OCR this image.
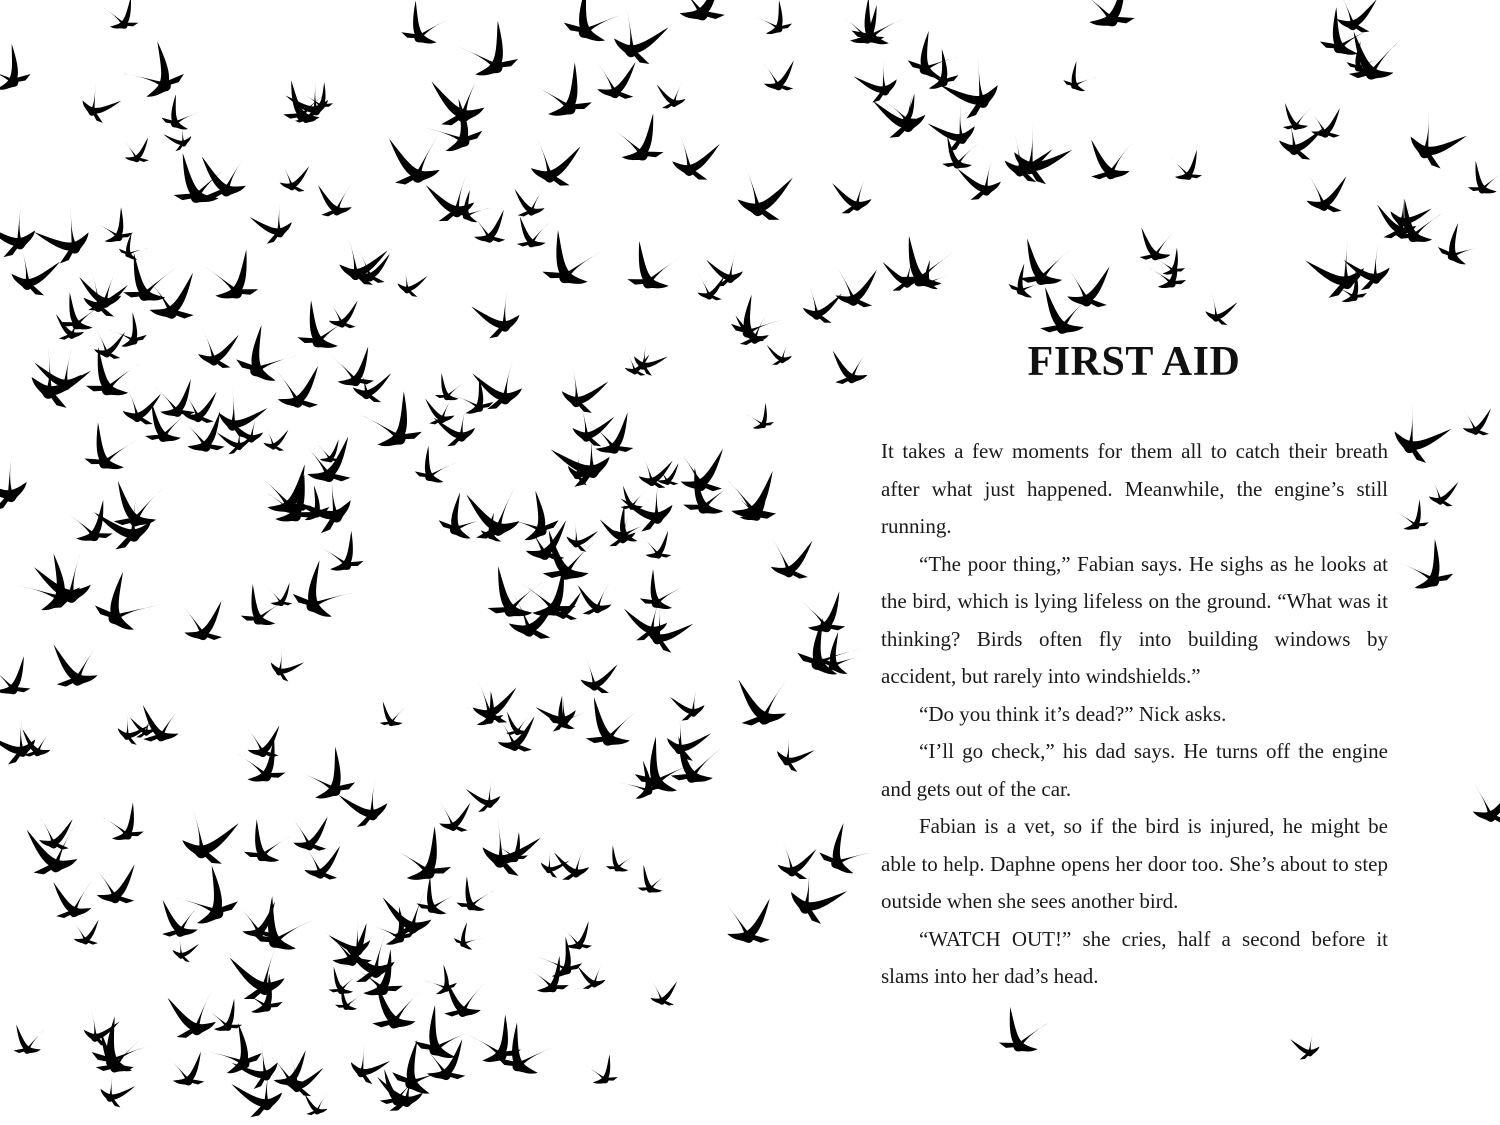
FIRST AID

It takes a few moments for them all to catch their breath after what just happened. Meanwhile, the engine’s still running.

“The poor thing,” Fabian says. He sighs as he looks at the bird, which is lying lifeless on the ground. “What was it thinking? Birds often fly into building windows by accident, but rarely into windshields.”

“Do you think it’s dead?” Nick asks.

“I’ll go check,” his dad says. He turns off the engine and gets out of the car.

Fabian is a vet, so if the bird is injured, he might be able to help. Daphne opens her door too. She’s about to step outside when she sees another bird.

“WATCH OUT!” she cries, half a second before it slams into her dad’s head.
